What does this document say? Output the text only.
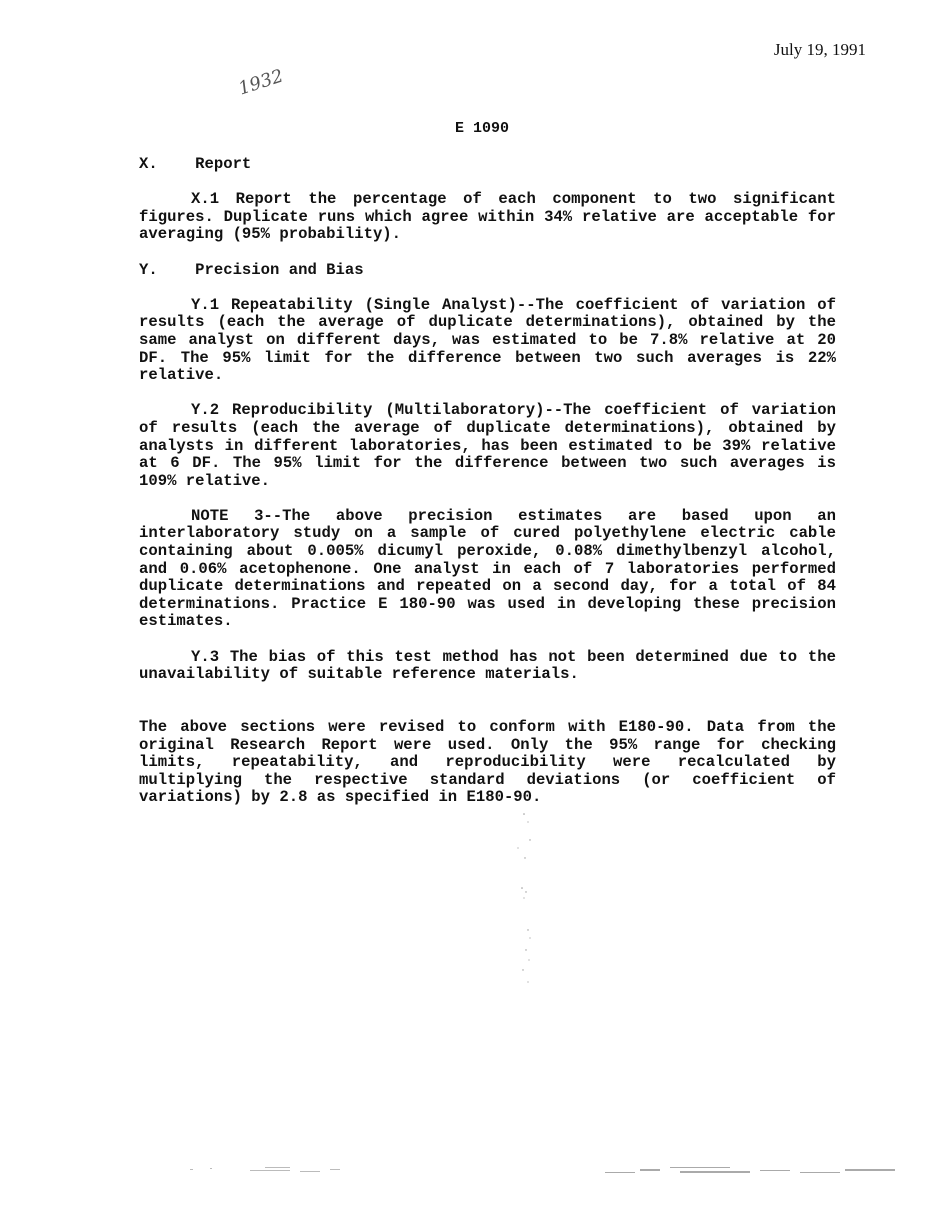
July 19, 1991
1932
E 1090
X.    Report

X.1 Report the percentage of each component to two significant figures. Duplicate runs which agree within 34% relative are acceptable for averaging (95% probability).

Y.    Precision and Bias

Y.1 Repeatability (Single Analyst)--The coefficient of variation of results (each the average of duplicate determinations), obtained by the same analyst on different days, was estimated to be 7.8% relative at 20 DF. The 95% limit for the difference between two such averages is 22% relative.

Y.2 Reproducibility (Multilaboratory)--The coefficient of variation of results (each the average of duplicate determinations), obtained by analysts in different laboratories, has been estimated to be 39% relative at 6 DF. The 95% limit for the difference between two such averages is 109% relative.

NOTE 3--The above precision estimates are based upon an interlaboratory study on a sample of cured polyethylene electric cable containing about 0.005% dicumyl peroxide, 0.08% dimethylbenzyl alcohol, and 0.06% acetophenone. One analyst in each of 7 laboratories performed duplicate determinations and repeated on a second day, for a total of 84 determinations. Practice E 180-90 was used in developing these precision estimates.

Y.3 The bias of this test method has not been determined due to the unavailability of suitable reference materials.

The above sections were revised to conform with E180-90. Data from the original Research Report were used. Only the 95% range for checking limits, repeatability, and reproducibility were recalculated by multiplying the respective standard deviations (or coefficient of variations) by 2.8 as specified in E180-90.
